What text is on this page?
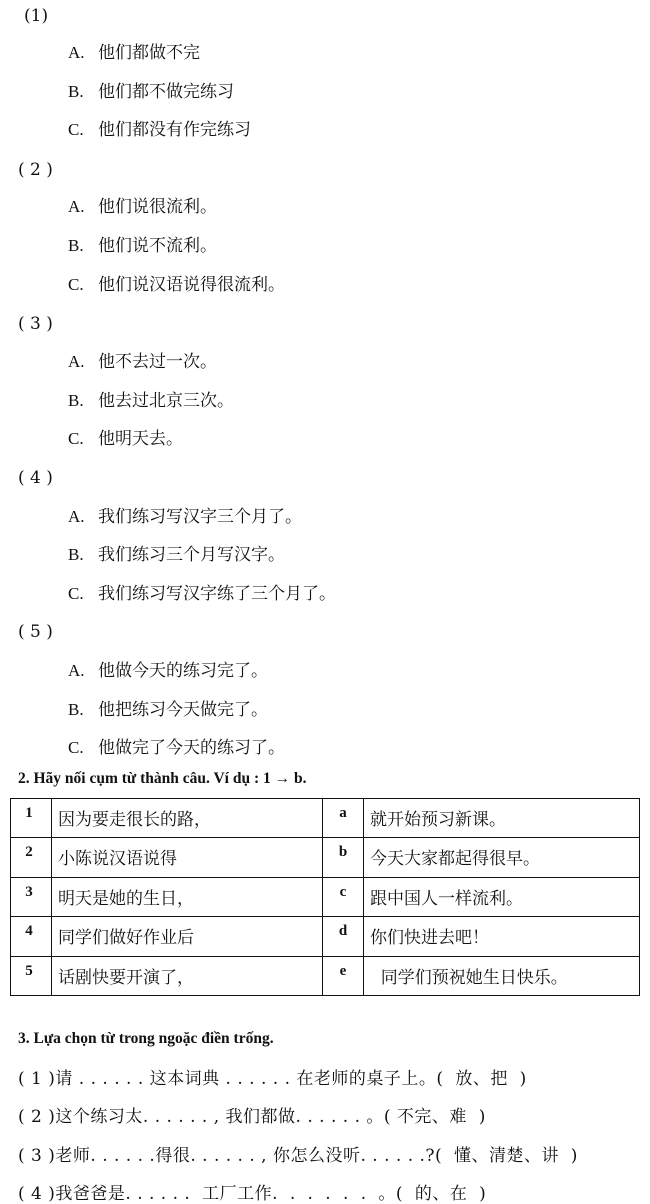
(1)
A. 他们都做不完
B. 他们都不做完练习
C. 他们都没有作完练习
( 2 )
A. 他们说很流利。
B. 他们说不流利。
C. 他们说汉语说得很流利。
( 3 )
A. 他不去过一次。
B. 他去过北京三次。
C. 他明天去。
( 4 )
A. 我们练习写汉字三个月了。
B. 我们练习三个月写汉字。
C. 我们练习写汉字练了三个月了。
( 5 )
A. 他做今天的练习完了。
B. 他把练习今天做完了。
C. 他做完了今天的练习了。
2. Hãy nối cụm từ thành câu. Ví dụ : 1 → b.
1	因为要走很长的路，	a	就开始预习新课。
2	小陈说汉语说得	b	今天大家都起得很早。
3	明天是她的生日，	c	跟中国人一样流利。
4	同学们做好作业后	d	你们快进去吧！
5	话剧快要开演了，	e	同学们预祝她生日快乐。
3. Lựa chọn từ trong ngoặc điền trống.
( 1 )请 . . . . . . 这本词典 . . . . . . 在老师的桌子上。(  放、把  )
( 2 )这个练习太. . . . . . , 我们都做. . . . . . 。( 不完、难  )
( 3 )老师. . . . . .得很. . . . . . , 你怎么没听. . . . . .?(  懂、清楚、讲  )
( 4 )我爸爸是. . . . . .  工厂工作.  .  .  .  .  .  。(  的、在  )
